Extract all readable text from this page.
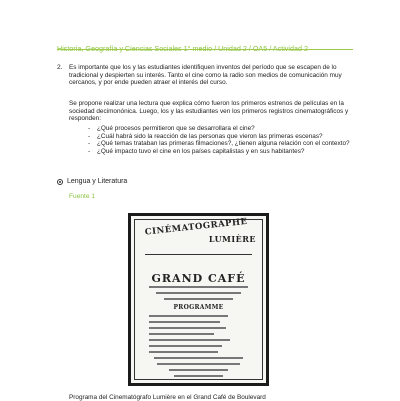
2. Es importante que los y las estudiantes identifiquen inventos del período que se escapen de lo tradicional y despierten su interés. Tanto el cine como la radio son medios de comunicación muy cercanos, y por ende pueden atraer el interés del curso.
Se propone realizar una lectura que explica cómo fueron los primeros estrenos de películas en la sociedad decimonónica. Luego, los y las estudiantes ven los primeros registros cinematográficos y responden:
- ¿Qué procesos permitieron que se desarrollara el cine?
- ¿Cuál habrá sido la reacción de las personas que vieron las primeras escenas?
- ¿Qué temas trataban las primeras filmaciones?, ¿tienen alguna relación con el contexto?
- ¿Qué impacto tuvo el cine en los países capitalistas y en sus habitantes?
Lengua y Literatura
Fuente 1
CINÉMATOGRAPHE
LUMIÈRE
GRAND CAFÉ
PROGRAMME
Programa del Cinematógrafo Lumière en el Grand Café de Boulevard
